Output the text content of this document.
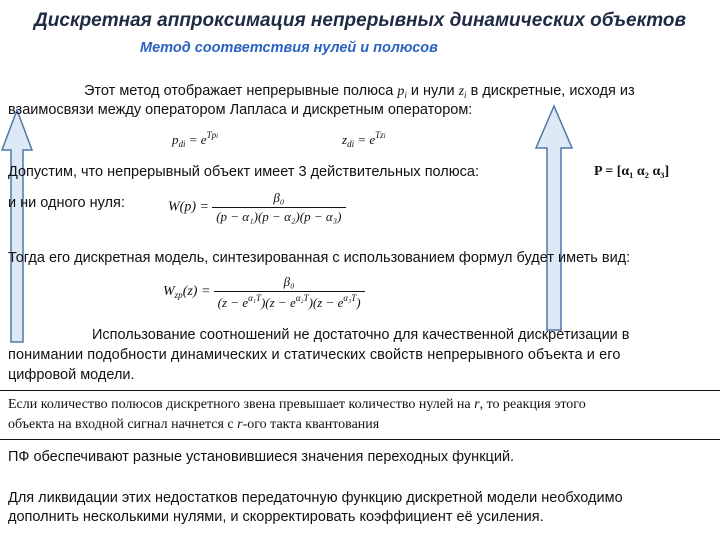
Дискретная аппроксимация непрерывных динамических объектов
Метод соответствия нулей и полюсов
Этот метод отображает непрерывные полюса $p_i$ и нули $z_i$ в дискретные, исходя из
взаимосвязи между оператором Лапласа и дискретным оператором:
$p_{di} = e^{Tpi}$	$z_{di} = e^{Tzi}$
Допустим, что непрерывный объект имеет 3 действительных полюса:	P = [α₁ α₂ α₃]
и ни одного нуля:	$W(p) = \frac{\text{β₀}}{\text{(p − α₁)(p − α₂)(p − α₃)}}$
Тогда его дискретная модель, синтезированная с использованием формул будет иметь вид:
$W_{zp}(z) = \frac{\text{β₀}}{(z - e^{\alpha_1T})(z - e^{\alpha_2T})(z - e^{\alpha_3T})}$
Использование соотношений не достаточно для качественной дискретизации в
понимании подобности динамических и статических свойств непрерывного объекта и его
цифровой модели.
Если количество полюсов дискретного звена превышает количество нулей на r, то реакция этого
объекта на входной сигнал начнется с r-ого такта квантования
ПФ обеспечивают разные установившиеся значения переходных функций.
Для ликвидации этих недостатков передаточную функцию дискретной модели необходимо
дополнить несколькими нулями, и скорректировать коэффициент её усиления.
